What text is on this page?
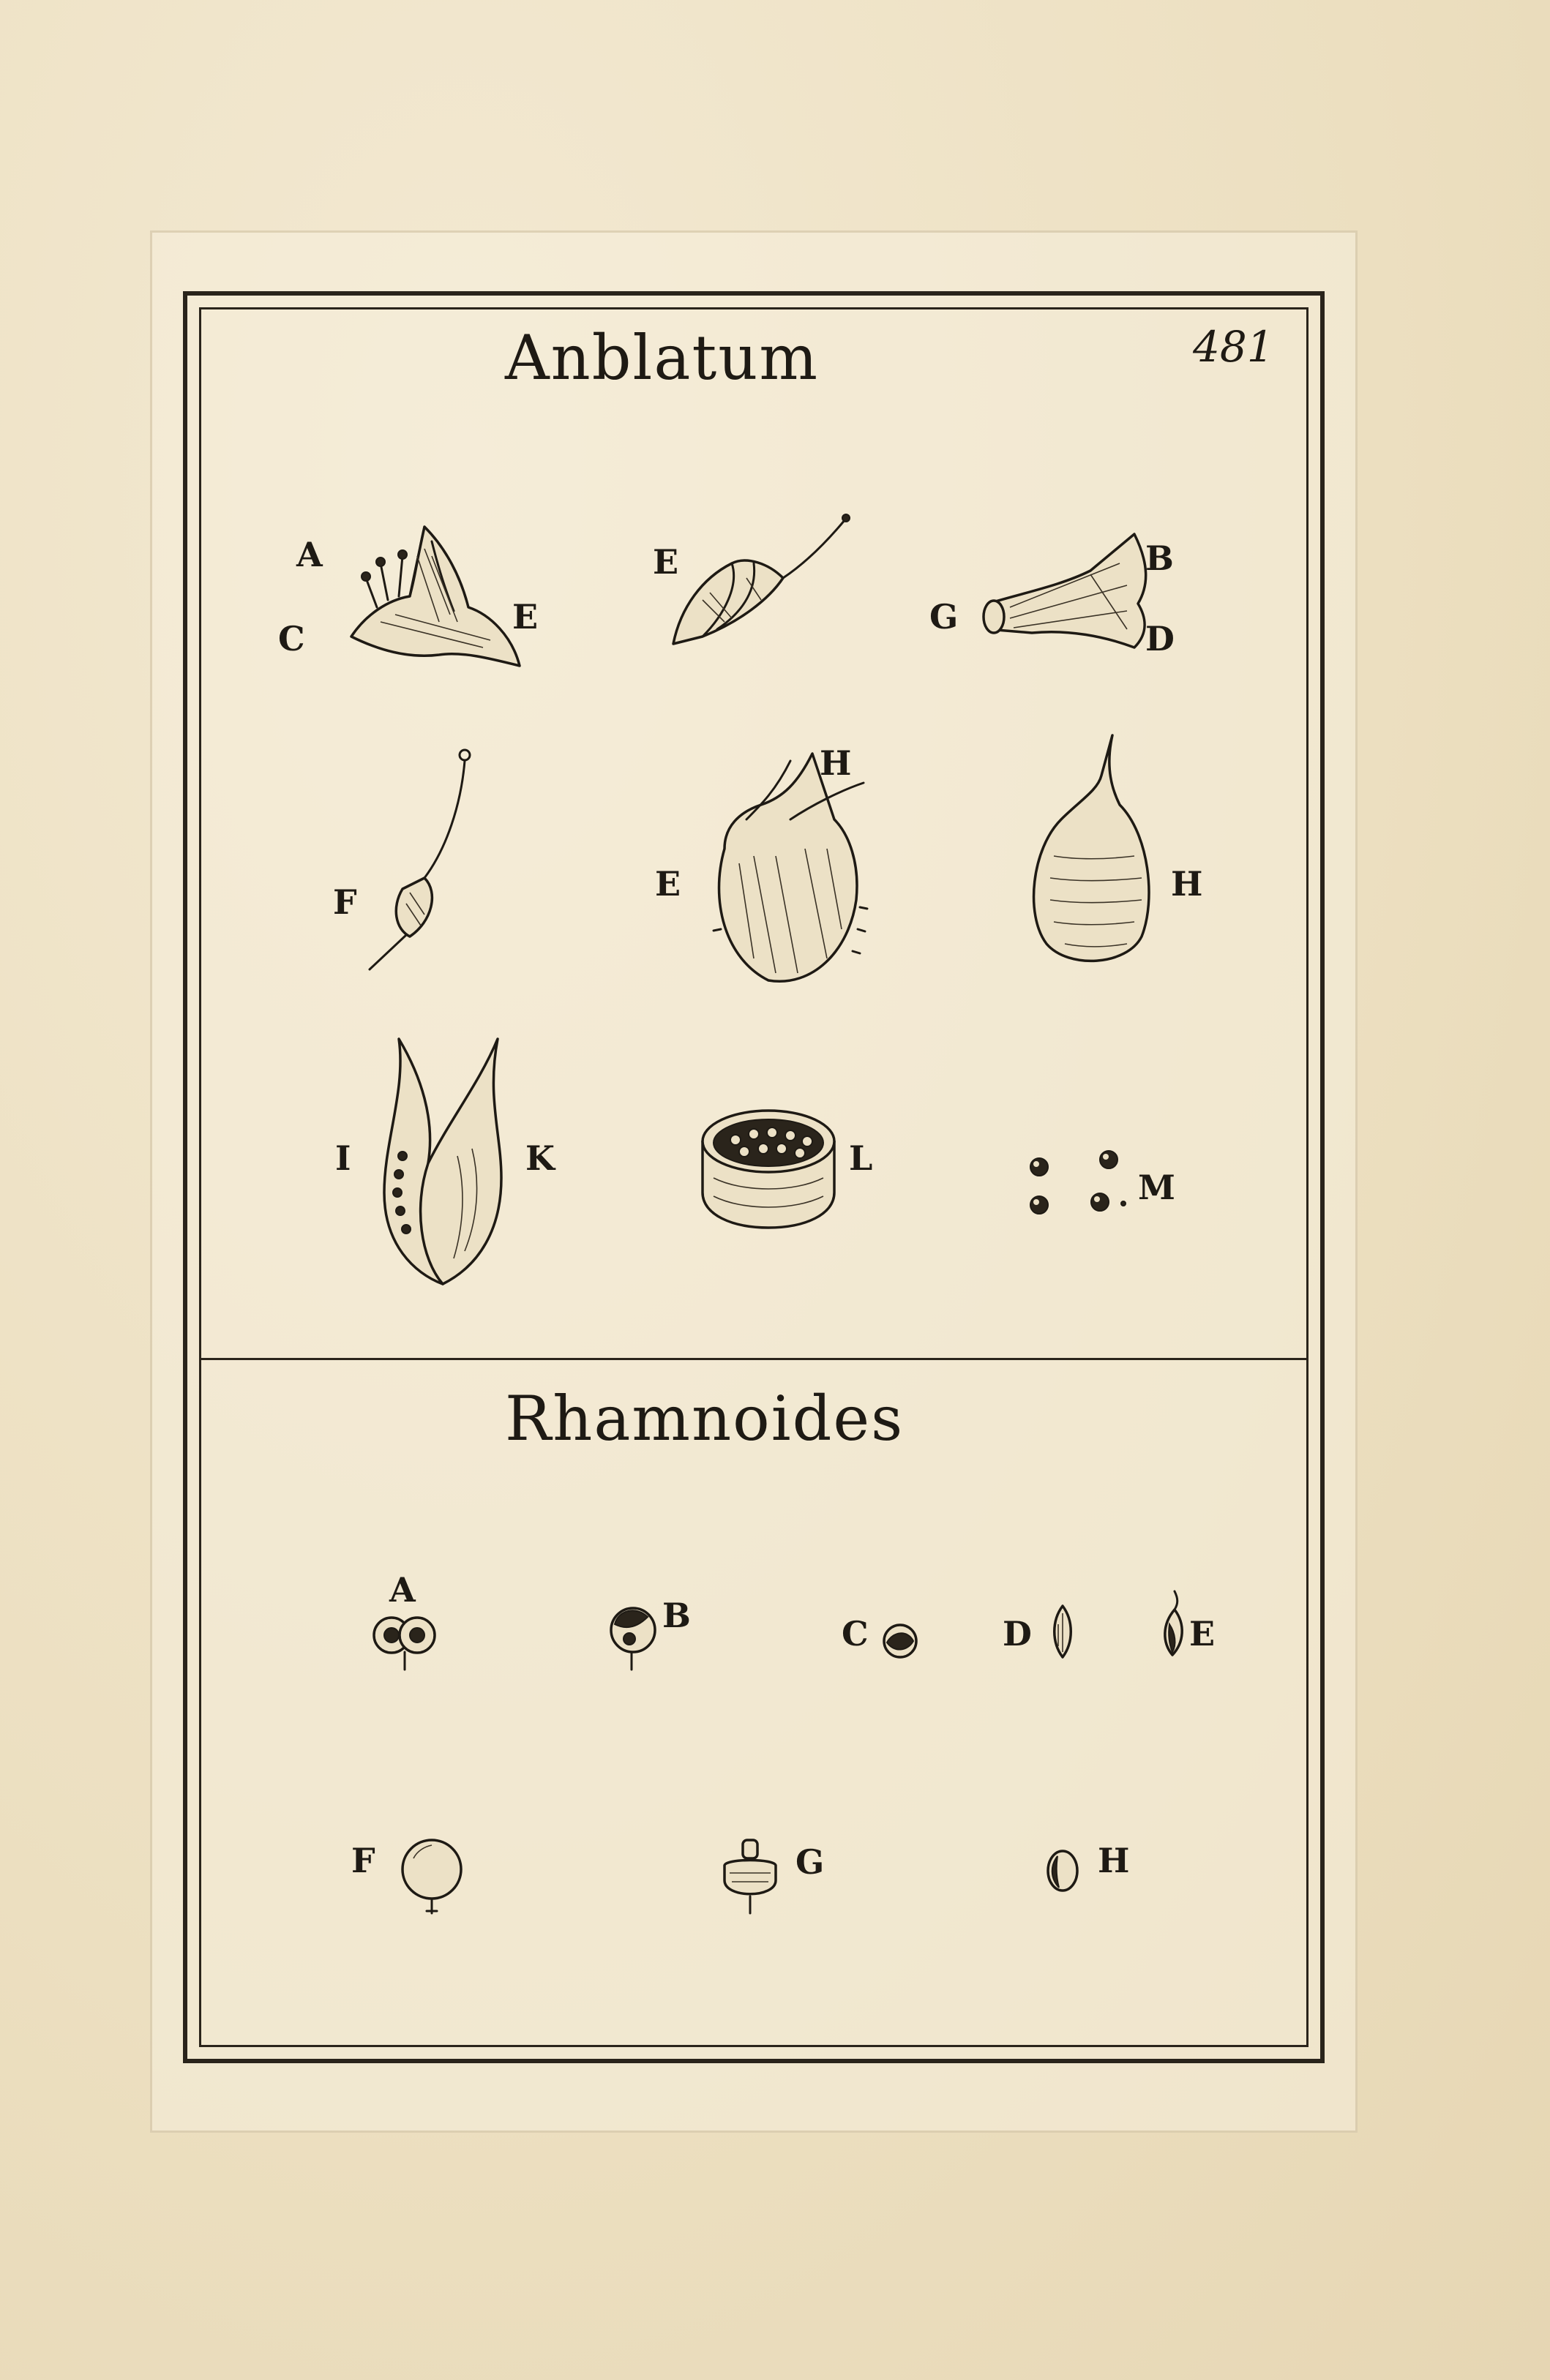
Anblatum	481
Rhamnoides
A
C
E
E	B
G
D
F
H
E	H
I	K	L
M
A
B	C	D	E
F	G	H
